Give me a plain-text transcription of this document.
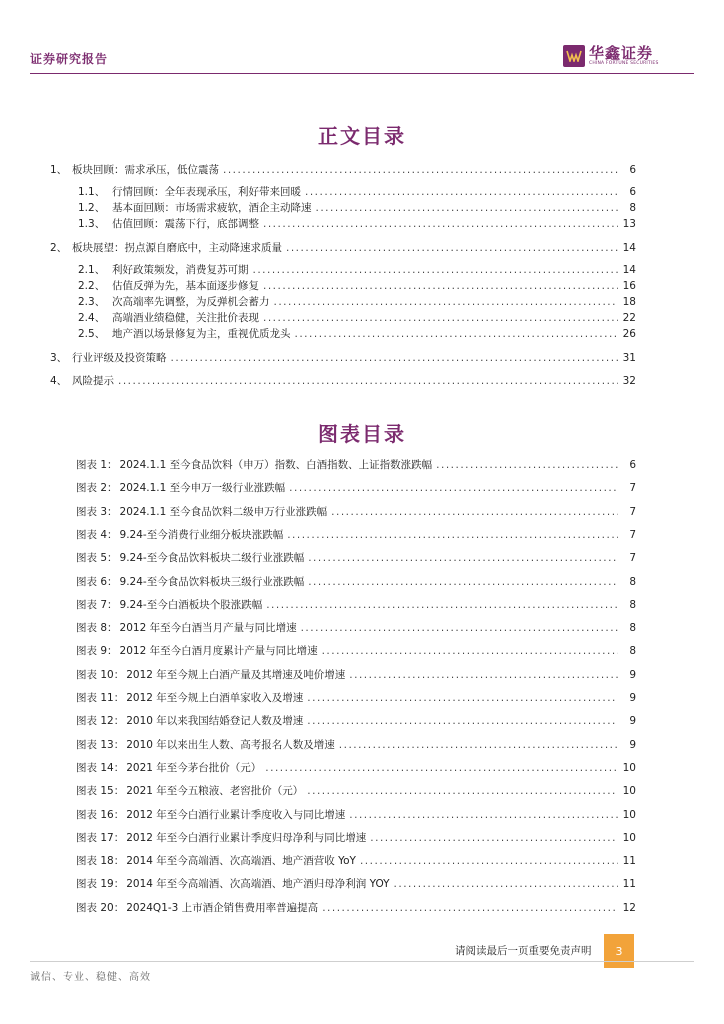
证券研究报告	华鑫证券
CHINA FORTUNE SECURITIES
正文目录
1、 板块回顾：需求承压，低位震荡 .....	6
1.1、 行情回顾：全年表现承压，利好带来回暖 .....	6
1.2、 基本面回顾：市场需求疲软，酒企主动降速 .....	8
1.3、 估值回顾：震荡下行，底部调整 .....	13
2、 板块展望：拐点源自磨底中，主动降速求质量 .....	14
2.1、 利好政策频发，消费复苏可期 .....	14
2.2、 估值反弹为先，基本面逐步修复 .....	16
2.3、 次高端率先调整，为反弹机会蓄力 .....	18
2.4、 高端酒业绩稳健，关注批价表现 .....	22
2.5、 地产酒以场景修复为主，重视优质龙头 .....	26
3、 行业评级及投资策略 .....	31
4、 风险提示 .....	32
图表目录
图表 1： 2024.1.1 至今食品饮料（申万）指数、白酒指数、上证指数涨跌幅 .....	6
图表 2： 2024.1.1 至今申万一级行业涨跌幅 .....	7
图表 3： 2024.1.1 至今食品饮料二级申万行业涨跌幅 .....	7
图表 4： 9.24-至今消费行业细分板块涨跌幅 .....	7
图表 5： 9.24-至今食品饮料板块二级行业涨跌幅 .....	7
图表 6： 9.24-至今食品饮料板块三级行业涨跌幅 .....	8
图表 7： 9.24-至今白酒板块个股涨跌幅 .....	8
图表 8： 2012 年至今白酒当月产量与同比增速 .....	8
图表 9： 2012 年至今白酒月度累计产量与同比增速 .....	8
图表 10： 2012 年至今规上白酒产量及其增速及吨价增速 .....	9
图表 11： 2012 年至今规上白酒单家收入及增速 .....	9
图表 12： 2010 年以来我国结婚登记人数及增速 .....	9
图表 13： 2010 年以来出生人数、高考报名人数及增速 .....	9
图表 14： 2021 年至今茅台批价（元） .....	10
图表 15： 2021 年至今五粮液、老窖批价（元） .....	10
图表 16： 2012 年至今白酒行业累计季度收入与同比增速 .....	10
图表 17： 2012 年至今白酒行业累计季度归母净利与同比增速 .....	10
图表 18： 2014 年至今高端酒、次高端酒、地产酒营收 YoY .....	11
图表 19： 2014 年至今高端酒、次高端酒、地产酒归母净利润 YOY .....	11
图表 20： 2024Q1-3 上市酒企销售费用率普遍提高 .....	12
请阅读最后一页重要免责声明 3
诚信、专业、稳健、高效
